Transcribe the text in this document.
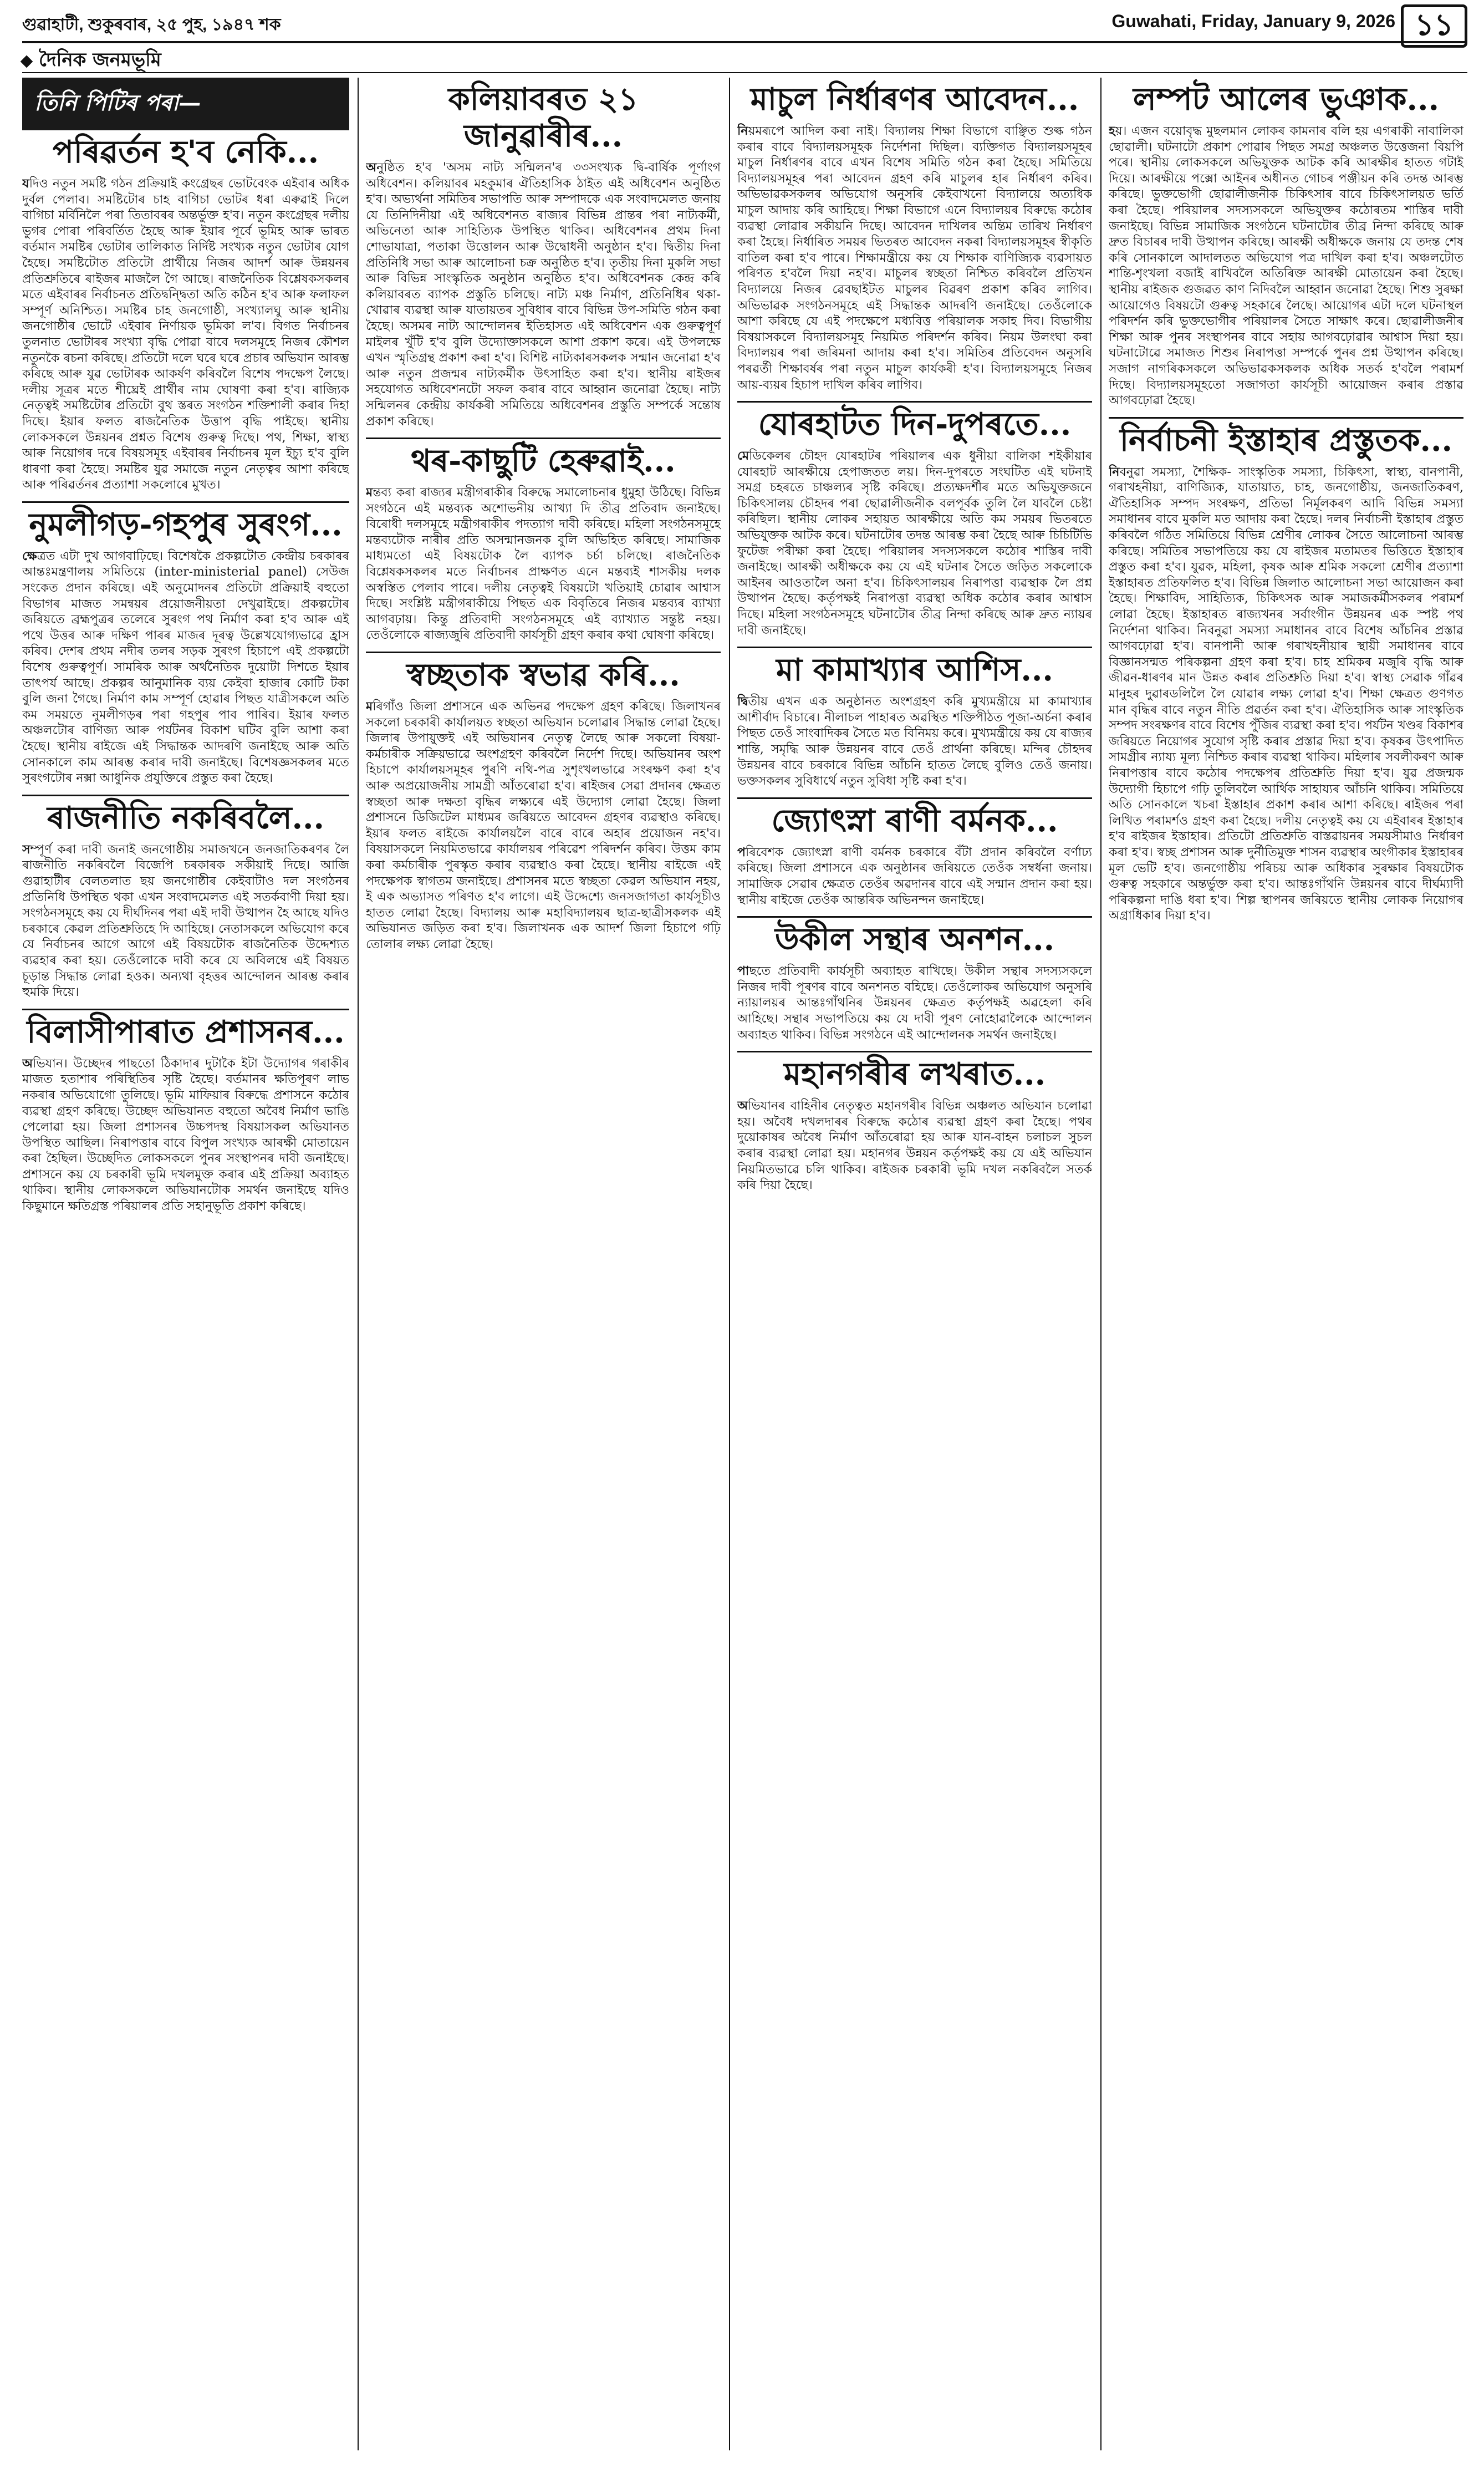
গুৱাহাটী, শুকুৰবাৰ, ২৫ পুহ, ১৯৪৭ শক	Guwahati, Friday, January 9, 2026 ১১
দৈনিক জনমভূমি
তিনি পিটিৰ পৰা—
পৰিৱৰ্তন হ'ব নেকি...

যদিও নতুন সমষ্টি গঠন প্ৰক্ৰিয়াই কংগ্ৰেছৰ ভোটবেংক এইবাৰ অধিক দুৰ্বল পেলাব। সমষ্টিটোৰ চাহ বাগিচা ভোটৰ ধৰা এৰুৱাই দিলে বাগিচা মৰ্বিনিলৈ পৰা তিতাবৰৰ অন্তৰ্ভুক্ত হ'ব। নতুন কংগ্ৰেছৰ দলীয় ভুগৰ পোৰা পৰিবৰ্তিত হৈছে আৰু ইয়াৰ পূৰ্বে ভূমিহ আৰু ভাৰত বৰ্তমান সমষ্টিৰ ভোটাৰ তালিকাত নিৰ্দিষ্ট সংখ্যক নতুন ভোটাৰ যোগ হৈছে। সমষ্টিটোত প্ৰতিটো প্ৰাৰ্থীয়ে নিজৰ আদৰ্শ আৰু উন্নয়নৰ প্ৰতিশ্ৰুতিৰে ৰাইজৰ মাজলৈ গৈ আছে। ৰাজনৈতিক বিশ্লেষকসকলৰ মতে এইবাৰৰ নিৰ্বাচনত প্ৰতিদ্বন্দ্বিতা অতি কঠিন হ'ব আৰু ফলাফল সম্পূৰ্ণ অনিশ্চিত। সমষ্টিৰ চাহ জনগোষ্ঠী, সংখ্যালঘু আৰু স্থানীয় জনগোষ্ঠীৰ ভোটে এইবাৰ নিৰ্ণায়ক ভূমিকা ল'ব। বিগত নিৰ্বাচনৰ তুলনাত ভোটাৰৰ সংখ্যা বৃদ্ধি পোৱা বাবে দলসমূহে নিজৰ কৌশল নতুনকৈ ৰচনা কৰিছে। প্ৰতিটো দলে ঘৰে ঘৰে প্ৰচাৰ অভিযান আৰম্ভ কৰিছে আৰু যুৱ ভোটাৰক আকৰ্ষণ কৰিবলৈ বিশেষ পদক্ষেপ লৈছে। দলীয় সূত্ৰৰ মতে শীঘ্ৰেই প্ৰাৰ্থীৰ নাম ঘোষণা কৰা হ'ব। ৰাজ্যিক নেতৃত্বই সমষ্টিটোৰ প্ৰতিটো বুথ স্তৰত সংগঠন শক্তিশালী কৰাৰ দিহা দিছে। ইয়াৰ ফলত ৰাজনৈতিক উত্তাপ বৃদ্ধি পাইছে। স্থানীয় লোকসকলে উন্নয়নৰ প্ৰশ্নত বিশেষ গুৰুত্ব দিছে। পথ, শিক্ষা, স্বাস্থ্য আৰু নিয়োগৰ দৰে বিষয়সমূহ এইবাৰৰ নিৰ্বাচনৰ মূল ইচ্যু হ'ব বুলি ধাৰণা কৰা হৈছে। সমষ্টিৰ যুৱ সমাজে নতুন নেতৃত্বৰ আশা কৰিছে আৰু পৰিৱৰ্তনৰ প্ৰত্যাশা সকলোৰে মুখত।

নুমলীগড়-গহপুৰ সুৰংগ...

ক্ষেত্ৰত এটা দুখ আগবাঢ়িছে। বিশেষকৈ প্ৰকল্পটোত কেন্দ্ৰীয় চৰকাৰৰ আন্তঃমন্ত্ৰণালয় সমিতিয়ে (inter-ministerial panel) সেউজ সংকেত প্ৰদান কৰিছে। এই অনুমোদনৰ প্ৰতিটো প্ৰক্ৰিয়াই বহুতো বিভাগৰ মাজত সমন্বয়ৰ প্ৰয়োজনীয়তা দেখুৱাইছে। প্ৰকল্পটোৰ জৰিয়তে ব্ৰহ্মপুত্ৰৰ তলেৰে সুৰংগ পথ নিৰ্মাণ কৰা হ'ব আৰু এই পথে উত্তৰ আৰু দক্ষিণ পাৰৰ মাজৰ দূৰত্ব উল্লেখযোগ্যভাৱে হ্ৰাস কৰিব। দেশৰ প্ৰথম নদীৰ তলৰ সড়ক সুৰংগ হিচাপে এই প্ৰকল্পটো বিশেষ গুৰুত্বপূৰ্ণ। সামৰিক আৰু অৰ্থনৈতিক দুয়োটা দিশতে ইয়াৰ তাৎপৰ্য আছে। প্ৰকল্পৰ আনুমানিক ব্যয় কেইবা হাজাৰ কোটি টকা বুলি জনা গৈছে। নিৰ্মাণ কাম সম্পূৰ্ণ হোৱাৰ পিছত যাত্ৰীসকলে অতি কম সময়তে নুমলীগড়ৰ পৰা গহপুৰ পাব পাৰিব। ইয়াৰ ফলত অঞ্চলটোৰ বাণিজ্য আৰু পৰ্যটনৰ বিকাশ ঘটিব বুলি আশা কৰা হৈছে। স্থানীয় ৰাইজে এই সিদ্ধান্তক আদৰণি জনাইছে আৰু অতি সোনকালে কাম আৰম্ভ কৰাৰ দাবী জনাইছে। বিশেষজ্ঞসকলৰ মতে সুৰংগটোৰ নক্সা আধুনিক প্ৰযুক্তিৰে প্ৰস্তুত কৰা হৈছে।

ৰাজনীতি নকৰিবলৈ...

সম্পূৰ্ণ কৰা দাবী জনাই জনগোষ্ঠীয় সমাজখনে জনজাতিকৰণৰ লৈ ৰাজনীতি নকৰিবলৈ বিজেপি চৰকাৰক সকীয়াই দিছে। আজি গুৱাহাটীৰ বেলতলাত ছয় জনগোষ্ঠীৰ কেইবাটাও দল সংগঠনৰ প্ৰতিনিধি উপস্থিত থকা এখন সংবাদমেলত এই সতৰ্কবাণী দিয়া হয়। সংগঠনসমূহে কয় যে দীৰ্ঘদিনৰ পৰা এই দাবী উত্থাপন হৈ আছে যদিও চৰকাৰে কেৱল প্ৰতিশ্ৰুতিহে দি আহিছে। নেতাসকলে অভিযোগ কৰে যে নিৰ্বাচনৰ আগে আগে এই বিষয়টোক ৰাজনৈতিক উদ্দেশ্যত ব্যৱহাৰ কৰা হয়। তেওঁলোকে দাবী কৰে যে অবিলম্বে এই বিষয়ত চূড়ান্ত সিদ্ধান্ত লোৱা হওক। অন্যথা বৃহত্তৰ আন্দোলন আৰম্ভ কৰাৰ হুমকি দিয়ে।

বিলাসীপাৰাত প্ৰশাসনৰ...

অভিযান। উচ্ছেদৰ পাছতো ঠিকাদাৰ দুটাকৈ ইটা উদ্যোগৰ গৰাকীৰ মাজত হতাশাৰ পৰিস্থিতিৰ সৃষ্টি হৈছে। বৰ্তমানৰ ক্ষতিপূৰণ লাভ নকৰাৰ অভিযোগো তুলিছে। ভূমি মাফিয়াৰ বিৰুদ্ধে প্ৰশাসনে কঠোৰ ব্যৱস্থা গ্ৰহণ কৰিছে। উচ্ছেদ অভিযানত বহুতো অবৈধ নিৰ্মাণ ভাঙি পেলোৱা হয়। জিলা প্ৰশাসনৰ উচ্চপদস্থ বিষয়াসকল অভিযানত উপস্থিত আছিল। নিৰাপত্তাৰ বাবে বিপুল সংখ্যক আৰক্ষী মোতায়েন কৰা হৈছিল। উচ্ছেদিত লোকসকলে পুনৰ সংস্থাপনৰ দাবী জনাইছে। প্ৰশাসনে কয় যে চৰকাৰী ভূমি দখলমুক্ত কৰাৰ এই প্ৰক্ৰিয়া অব্যাহত থাকিব। স্থানীয় লোকসকলে অভিযানটোক সমৰ্থন জনাইছে যদিও কিছুমানে ক্ষতিগ্ৰস্ত পৰিয়ালৰ প্ৰতি সহানুভূতি প্ৰকাশ কৰিছে।

কলিয়াবৰত ২১ জানুৱাৰীৰ...

অনুষ্ঠিত হ'ব 'অসম নাট্য সন্মিলন'ৰ ৩৩সংখ্যক দ্বি-বাৰ্ষিক পূৰ্ণাংগ অধিবেশন। কলিয়াবৰ মহকুমাৰ ঐতিহাসিক ঠাইত এই অধিবেশন অনুষ্ঠিত হ'ব। অভ্যৰ্থনা সমিতিৰ সভাপতি আৰু সম্পাদকে এক সংবাদমেলত জনায় যে তিনিদিনীয়া এই অধিবেশনত ৰাজ্যৰ বিভিন্ন প্ৰান্তৰ পৰা নাট্যকৰ্মী, অভিনেতা আৰু সাহিত্যিক উপস্থিত থাকিব। অধিবেশনৰ প্ৰথম দিনা শোভাযাত্ৰা, পতাকা উত্তোলন আৰু উদ্বোধনী অনুষ্ঠান হ'ব। দ্বিতীয় দিনা প্ৰতিনিধি সভা আৰু আলোচনা চক্ৰ অনুষ্ঠিত হ'ব। তৃতীয় দিনা মুকলি সভা আৰু বিভিন্ন সাংস্কৃতিক অনুষ্ঠান অনুষ্ঠিত হ'ব। অধিবেশনক কেন্দ্ৰ কৰি কলিয়াবৰত ব্যাপক প্ৰস্তুতি চলিছে। নাট্য মঞ্চ নিৰ্মাণ, প্ৰতিনিধিৰ থকা-খোৱাৰ ব্যৱস্থা আৰু যাতায়তৰ সুবিধাৰ বাবে বিভিন্ন উপ-সমিতি গঠন কৰা হৈছে। অসমৰ নাট্য আন্দোলনৰ ইতিহাসত এই অধিবেশন এক গুৰুত্বপূৰ্ণ মাইলৰ খুঁটি হ'ব বুলি উদ্যোক্তাসকলে আশা প্ৰকাশ কৰে। এই উপলক্ষে এখন স্মৃতিগ্ৰন্থ প্ৰকাশ কৰা হ'ব। বিশিষ্ট নাট্যকাৰসকলক সন্মান জনোৱা হ'ব আৰু নতুন প্ৰজন্মৰ নাট্যকৰ্মীক উৎসাহিত কৰা হ'ব। স্থানীয় ৰাইজৰ সহযোগত অধিবেশনটো সফল কৰাৰ বাবে আহ্বান জনোৱা হৈছে। নাট্য সন্মিলনৰ কেন্দ্ৰীয় কাৰ্যকৰী সমিতিয়ে অধিবেশনৰ প্ৰস্তুতি সম্পৰ্কে সন্তোষ প্ৰকাশ কৰিছে।

থৰ-কাছুটি হেৰুৱাই...

মন্তব্য কৰা ৰাজ্যৰ মন্ত্ৰীগৰাকীৰ বিৰুদ্ধে সমালোচনাৰ ধুমুহা উঠিছে। বিভিন্ন সংগঠনে এই মন্তব্যক অশোভনীয় আখ্যা দি তীব্ৰ প্ৰতিবাদ জনাইছে। বিৰোধী দলসমূহে মন্ত্ৰীগৰাকীৰ পদত্যাগ দাবী কৰিছে। মহিলা সংগঠনসমূহে মন্তব্যটোক নাৰীৰ প্ৰতি অসন্মানজনক বুলি অভিহিত কৰিছে। সামাজিক মাধ্যমতো এই বিষয়টোক লৈ ব্যাপক চৰ্চা চলিছে। ৰাজনৈতিক বিশ্লেষকসকলৰ মতে নিৰ্বাচনৰ প্ৰাক্ষণত এনে মন্তব্যই শাসকীয় দলক অস্বস্তিত পেলাব পাৰে। দলীয় নেতৃত্বই বিষয়টো খতিয়াই চোৱাৰ আশ্বাস দিছে। সংশ্লিষ্ট মন্ত্ৰীগৰাকীয়ে পিছত এক বিবৃতিৰে নিজৰ মন্তব্যৰ ব্যাখ্যা আগবঢ়ায়। কিন্তু প্ৰতিবাদী সংগঠনসমূহে এই ব্যাখ্যাত সন্তুষ্ট নহয়। তেওঁলোকে ৰাজ্যজুৰি প্ৰতিবাদী কাৰ্যসূচী গ্ৰহণ কৰাৰ কথা ঘোষণা কৰিছে।

স্বচ্ছতাক স্বভাৱ কৰি...

মৰিগাঁও জিলা প্ৰশাসনে এক অভিনৱ পদক্ষেপ গ্ৰহণ কৰিছে। জিলাখনৰ সকলো চৰকাৰী কাৰ্যালয়ত স্বচ্ছতা অভিযান চলোৱাৰ সিদ্ধান্ত লোৱা হৈছে। জিলাৰ উপায়ুক্তই এই অভিযানৰ নেতৃত্ব লৈছে আৰু সকলো বিষয়া-কৰ্মচাৰীক সক্ৰিয়ভাৱে অংশগ্ৰহণ কৰিবলৈ নিৰ্দেশ দিছে। অভিযানৰ অংশ হিচাপে কাৰ্যালয়সমূহৰ পুৰণি নথি-পত্ৰ সুশৃংখলভাৱে সংৰক্ষণ কৰা হ'ব আৰু অপ্ৰয়োজনীয় সামগ্ৰী আঁতৰোৱা হ'ব। ৰাইজৰ সেৱা প্ৰদানৰ ক্ষেত্ৰত স্বচ্ছতা আৰু দক্ষতা বৃদ্ধিৰ লক্ষ্যৰে এই উদ্যোগ লোৱা হৈছে। জিলা প্ৰশাসনে ডিজিটেল মাধ্যমৰ জৰিয়তে আবেদন গ্ৰহণৰ ব্যৱস্থাও কৰিছে। ইয়াৰ ফলত ৰাইজে কাৰ্যালয়লৈ বাৰে বাৰে অহাৰ প্ৰয়োজন নহ'ব। বিষয়াসকলে নিয়মিতভাৱে কাৰ্যালয়ৰ পৰিৱেশ পৰিদৰ্শন কৰিব। উত্তম কাম কৰা কৰ্মচাৰীক পুৰস্কৃত কৰাৰ ব্যৱস্থাও কৰা হৈছে। স্থানীয় ৰাইজে এই পদক্ষেপক স্বাগতম জনাইছে। প্ৰশাসনৰ মতে স্বচ্ছতা কেৱল অভিযান নহয়, ই এক অভ্যাসত পৰিণত হ'ব লাগে। এই উদ্দেশ্যে জনসজাগতা কাৰ্যসূচীও হাতত লোৱা হৈছে। বিদ্যালয় আৰু মহাবিদ্যালয়ৰ ছাত্ৰ-ছাত্ৰীসকলক এই অভিযানত জড়িত কৰা হ'ব। জিলাখনক এক আদৰ্শ জিলা হিচাপে গঢ়ি তোলাৰ লক্ষ্য লোৱা হৈছে।

মাচুল নিৰ্ধাৰণৰ আবেদন...

নিয়মৰূপে আদিল কৰা নাই। বিদ্যালয় শিক্ষা বিভাগে বাঞ্ছিত শুল্ক গঠন কৰাৰ বাবে বিদ্যালয়সমূহক নিৰ্দেশনা দিছিল। ব্যক্তিগত বিদ্যালয়সমূহৰ মাচুল নিৰ্ধাৰণৰ বাবে এখন বিশেষ সমিতি গঠন কৰা হৈছে। সমিতিয়ে বিদ্যালয়সমূহৰ পৰা আবেদন গ্ৰহণ কৰি মাচুলৰ হাৰ নিৰ্ধাৰণ কৰিব। অভিভাৱকসকলৰ অভিযোগ অনুসৰি কেইবাখনো বিদ্যালয়ে অত্যধিক মাচুল আদায় কৰি আহিছে। শিক্ষা বিভাগে এনে বিদ্যালয়ৰ বিৰুদ্ধে কঠোৰ ব্যৱস্থা লোৱাৰ সকীয়নি দিছে। আবেদন দাখিলৰ অন্তিম তাৰিখ নিৰ্ধাৰণ কৰা হৈছে। নিৰ্ধাৰিত সময়ৰ ভিতৰত আবেদন নকৰা বিদ্যালয়সমূহৰ স্বীকৃতি বাতিল কৰা হ'ব পাৰে। শিক্ষামন্ত্ৰীয়ে কয় যে শিক্ষাক বাণিজ্যিক ব্যৱসায়ত পৰিণত হ'বলৈ দিয়া নহ'ব। মাচুলৰ স্বচ্ছতা নিশ্চিত কৰিবলৈ প্ৰতিখন বিদ্যালয়ে নিজৰ ৱেবছাইটত মাচুলৰ বিৱৰণ প্ৰকাশ কৰিব লাগিব। অভিভাৱক সংগঠনসমূহে এই সিদ্ধান্তক আদৰণি জনাইছে। তেওঁলোকে আশা কৰিছে যে এই পদক্ষেপে মধ্যবিত্ত পৰিয়ালক সকাহ দিব। বিভাগীয় বিষয়াসকলে বিদ্যালয়সমূহ নিয়মিত পৰিদৰ্শন কৰিব। নিয়ম উলংঘা কৰা বিদ্যালয়ৰ পৰা জৰিমনা আদায় কৰা হ'ব। সমিতিৰ প্ৰতিবেদন অনুসৰি পৰৱৰ্তী শিক্ষাবৰ্ষৰ পৰা নতুন মাচুল কাৰ্যকৰী হ'ব। বিদ্যালয়সমূহে নিজৰ আয়-ব্যয়ৰ হিচাপ দাখিল কৰিব লাগিব।

যোৰহাটত দিন-দুপৰতে...

মেডিকেলৰ চৌহদ যোৰহাটৰ পৰিয়ালৰ এক ধুনীয়া বালিকা শইকীয়াৰ যোৰহাট আৰক্ষীয়ে হেপাজতত লয়। দিন-দুপৰতে সংঘটিত এই ঘটনাই সমগ্ৰ চহৰতে চাঞ্চল্যৰ সৃষ্টি কৰিছে। প্ৰত্যক্ষদৰ্শীৰ মতে অভিযুক্তজনে চিকিৎসালয় চৌহদৰ পৰা ছোৱালীজনীক বলপূৰ্বক তুলি লৈ যাবলৈ চেষ্টা কৰিছিল। স্থানীয় লোকৰ সহায়ত আৰক্ষীয়ে অতি কম সময়ৰ ভিতৰতে অভিযুক্তক আটক কৰে। ঘটনাটোৰ তদন্ত আৰম্ভ কৰা হৈছে আৰু চিচিটিভি ফুটেজ পৰীক্ষা কৰা হৈছে। পৰিয়ালৰ সদস্যসকলে কঠোৰ শাস্তিৰ দাবী জনাইছে। আৰক্ষী অধীক্ষকে কয় যে এই ঘটনাৰ সৈতে জড়িত সকলোকে আইনৰ আওতালৈ অনা হ'ব। চিকিৎসালয়ৰ নিৰাপত্তা ব্যৱস্থাক লৈ প্ৰশ্ন উত্থাপন হৈছে। কৰ্তৃপক্ষই নিৰাপত্তা ব্যৱস্থা অধিক কঠোৰ কৰাৰ আশ্বাস দিছে। মহিলা সংগঠনসমূহে ঘটনাটোৰ তীব্ৰ নিন্দা কৰিছে আৰু দ্ৰুত ন্যায়ৰ দাবী জনাইছে।

মা কামাখ্যাৰ আশিস...

দ্বিতীয় এখন এক অনুষ্ঠানত অংশগ্ৰহণ কৰি মুখ্যমন্ত্ৰীয়ে মা কামাখ্যাৰ আশীৰ্বাদ বিচাৰে। নীলাচল পাহাৰত অৱস্থিত শক্তিপীঠত পূজা-অৰ্চনা কৰাৰ পিছত তেওঁ সাংবাদিকৰ সৈতে মত বিনিময় কৰে। মুখ্যমন্ত্ৰীয়ে কয় যে ৰাজ্যৰ শান্তি, সমৃদ্ধি আৰু উন্নয়নৰ বাবে তেওঁ প্ৰাৰ্থনা কৰিছে। মন্দিৰ চৌহদৰ উন্নয়নৰ বাবে চৰকাৰে বিভিন্ন আঁচনি হাতত লৈছে বুলিও তেওঁ জনায়। ভক্তসকলৰ সুবিধাৰ্থে নতুন সুবিধা সৃষ্টি কৰা হ'ব।

জ্যোৎস্না ৰাণী বৰ্মনক...

পৰিবেশক জ্যোৎস্না ৰাণী বৰ্মনক চৰকাৰে বঁটা প্ৰদান কৰিবলৈ বৰ্ণাঢ্য কৰিছে। জিলা প্ৰশাসনে এক অনুষ্ঠানৰ জৰিয়তে তেওঁক সম্বৰ্ধনা জনায়। সামাজিক সেৱাৰ ক্ষেত্ৰত তেওঁৰ অৱদানৰ বাবে এই সন্মান প্ৰদান কৰা হয়। স্থানীয় ৰাইজে তেওঁক আন্তৰিক অভিনন্দন জনাইছে।

উকীল সন্থাৰ অনশন...

পাছতে প্ৰতিবাদী কাৰ্যসূচী অব্যাহত ৰাখিছে। উকীল সন্থাৰ সদস্যসকলে নিজৰ দাবী পূৰণৰ বাবে অনশনত বহিছে। তেওঁলোকৰ অভিযোগ অনুসৰি ন্যায়ালয়ৰ আন্তঃগাঁথনিৰ উন্নয়নৰ ক্ষেত্ৰত কৰ্তৃপক্ষই অৱহেলা কৰি আহিছে। সন্থাৰ সভাপতিয়ে কয় যে দাবী পূৰণ নোহোৱালৈকে আন্দোলন অব্যাহত থাকিব। বিভিন্ন সংগঠনে এই আন্দোলনক সমৰ্থন জনাইছে।

মহানগৰীৰ লখৰাত...

অভিযানৰ বাহিনীৰ নেতৃত্বত মহানগৰীৰ বিভিন্ন অঞ্চলত অভিযান চলোৱা হয়। অবৈধ দখলদাৰৰ বিৰুদ্ধে কঠোৰ ব্যৱস্থা গ্ৰহণ কৰা হৈছে। পথৰ দুয়োকাষৰ অবৈধ নিৰ্মাণ আঁতৰোৱা হয় আৰু যান-বাহন চলাচল সুচল কৰাৰ ব্যৱস্থা লোৱা হয়। মহানগৰ উন্নয়ন কৰ্তৃপক্ষই কয় যে এই অভিযান নিয়মিতভাৱে চলি থাকিব। ৰাইজক চৰকাৰী ভূমি দখল নকৰিবলৈ সতৰ্ক কৰি দিয়া হৈছে।

লম্পট আলেৰ ভুঞাক...

হয়। এজন বয়োবৃদ্ধ মুছলমান লোকৰ কামনাৰ বলি হয় এগৰাকী নাবালিকা ছোৱালী। ঘটনাটো প্ৰকাশ পোৱাৰ পিছত সমগ্ৰ অঞ্চলত উত্তেজনা বিয়পি পৰে। স্থানীয় লোকসকলে অভিযুক্তক আটক কৰি আৰক্ষীৰ হাতত গটাই দিয়ে। আৰক্ষীয়ে পক্সো আইনৰ অধীনত গোচৰ পঞ্জীয়ন কৰি তদন্ত আৰম্ভ কৰিছে। ভুক্তভোগী ছোৱালীজনীক চিকিৎসাৰ বাবে চিকিৎসালয়ত ভৰ্তি কৰা হৈছে। পৰিয়ালৰ সদস্যসকলে অভিযুক্তৰ কঠোৰতম শাস্তিৰ দাবী জনাইছে। বিভিন্ন সামাজিক সংগঠনে ঘটনাটোৰ তীব্ৰ নিন্দা কৰিছে আৰু দ্ৰুত বিচাৰৰ দাবী উত্থাপন কৰিছে। আৰক্ষী অধীক্ষকে জনায় যে তদন্ত শেষ কৰি সোনকালে আদালতত অভিযোগ পত্ৰ দাখিল কৰা হ'ব। অঞ্চলটোত শান্তি-শৃংখলা বজাই ৰাখিবলৈ অতিৰিক্ত আৰক্ষী মোতায়েন কৰা হৈছে। স্থানীয় ৰাইজক গুজৱত কাণ নিদিবলৈ আহ্বান জনোৱা হৈছে। শিশু সুৰক্ষা আয়োগেও বিষয়টো গুৰুত্ব সহকাৰে লৈছে। আয়োগৰ এটা দলে ঘটনাস্থল পৰিদৰ্শন কৰি ভুক্তভোগীৰ পৰিয়ালৰ সৈতে সাক্ষাৎ কৰে। ছোৱালীজনীৰ শিক্ষা আৰু পুনৰ সংস্থাপনৰ বাবে সহায় আগবঢ়োৱাৰ আশ্বাস দিয়া হয়। ঘটনাটোৱে সমাজত শিশুৰ নিৰাপত্তা সম্পৰ্কে পুনৰ প্ৰশ্ন উত্থাপন কৰিছে। সজাগ নাগৰিকসকলে অভিভাৱকসকলক অধিক সতৰ্ক হ'বলৈ পৰামৰ্শ দিছে। বিদ্যালয়সমূহতো সজাগতা কাৰ্যসূচী আয়োজন কৰাৰ প্ৰস্তাৱ আগবঢ়োৱা হৈছে।

নিৰ্বাচনী ইস্তাহাৰ প্ৰস্তুতক...

নিবনুৱা সমস্যা, শৈক্ষিক- সাংস্কৃতিক সমস্যা, চিকিৎসা, স্বাস্থ্য, বানপানী, গৰাখহনীয়া, বাণিজ্যিক, যাতায়াত, চাহ, জনগোষ্ঠীয়, জনজাতিকৰণ, ঐতিহাসিক সম্পদ সংৰক্ষণ, প্ৰতিভা নিৰ্মূলকৰণ আদি বিভিন্ন সমস্যা সমাধানৰ বাবে মুকলি মত আদায় কৰা হৈছে। দলৰ নিৰ্বাচনী ইস্তাহাৰ প্ৰস্তুত কৰিবলৈ গঠিত সমিতিয়ে বিভিন্ন শ্ৰেণীৰ লোকৰ সৈতে আলোচনা আৰম্ভ কৰিছে। সমিতিৰ সভাপতিয়ে কয় যে ৰাইজৰ মতামতৰ ভিত্তিতে ইস্তাহাৰ প্ৰস্তুত কৰা হ'ব। যুৱক, মহিলা, কৃষক আৰু শ্ৰমিক সকলো শ্ৰেণীৰ প্ৰত্যাশা ইস্তাহাৰত প্ৰতিফলিত হ'ব। বিভিন্ন জিলাত আলোচনা সভা আয়োজন কৰা হৈছে। শিক্ষাবিদ, সাহিত্যিক, চিকিৎসক আৰু সমাজকৰ্মীসকলৰ পৰামৰ্শ লোৱা হৈছে। ইস্তাহাৰত ৰাজ্যখনৰ সৰ্বাংগীন উন্নয়নৰ এক স্পষ্ট পথ নিৰ্দেশনা থাকিব। নিবনুৱা সমস্যা সমাধানৰ বাবে বিশেষ আঁচনিৰ প্ৰস্তাৱ আগবঢ়োৱা হ'ব। বানপানী আৰু গৰাখহনীয়াৰ স্থায়ী সমাধানৰ বাবে বিজ্ঞানসন্মত পৰিকল্পনা গ্ৰহণ কৰা হ'ব। চাহ শ্ৰমিকৰ মজুৰি বৃদ্ধি আৰু জীৱন-ধাৰণৰ মান উন্নত কৰাৰ প্ৰতিশ্ৰুতি দিয়া হ'ব। স্বাস্থ্য সেৱাক গাঁৱৰ মানুহৰ দুৱাৰডলিলৈ লৈ যোৱাৰ লক্ষ্য লোৱা হ'ব। শিক্ষা ক্ষেত্ৰত গুণগত মান বৃদ্ধিৰ বাবে নতুন নীতি প্ৰৱৰ্তন কৰা হ'ব। ঐতিহাসিক আৰু সাংস্কৃতিক সম্পদ সংৰক্ষণৰ বাবে বিশেষ পুঁজিৰ ব্যৱস্থা কৰা হ'ব। পৰ্যটন খণ্ডৰ বিকাশৰ জৰিয়তে নিয়োগৰ সুযোগ সৃষ্টি কৰাৰ প্ৰস্তাৱ দিয়া হ'ব। কৃষকৰ উৎপাদিত সামগ্ৰীৰ ন্যায্য মূল্য নিশ্চিত কৰাৰ ব্যৱস্থা থাকিব। মহিলাৰ সবলীকৰণ আৰু নিৰাপত্তাৰ বাবে কঠোৰ পদক্ষেপৰ প্ৰতিশ্ৰুতি দিয়া হ'ব। যুৱ প্ৰজন্মক উদ্যোগী হিচাপে গঢ়ি তুলিবলৈ আৰ্থিক সাহায্যৰ আঁচনি থাকিব। সমিতিয়ে অতি সোনকালে খচৰা ইস্তাহাৰ প্ৰকাশ কৰাৰ আশা কৰিছে। ৰাইজৰ পৰা লিখিত পৰামৰ্শও গ্ৰহণ কৰা হৈছে। দলীয় নেতৃত্বই কয় যে এইবাৰৰ ইস্তাহাৰ হ'ব ৰাইজৰ ইস্তাহাৰ। প্ৰতিটো প্ৰতিশ্ৰুতি বাস্তৱায়নৰ সময়সীমাও নিৰ্ধাৰণ কৰা হ'ব। স্বচ্ছ প্ৰশাসন আৰু দুৰ্নীতিমুক্ত শাসন ব্যৱস্থাৰ অংগীকাৰ ইস্তাহাৰৰ মূল ভেটি হ'ব। জনগোষ্ঠীয় পৰিচয় আৰু অধিকাৰ সুৰক্ষাৰ বিষয়টোক গুৰুত্ব সহকাৰে অন্তৰ্ভুক্ত কৰা হ'ব। আন্তঃগাঁথনি উন্নয়নৰ বাবে দীৰ্ঘম্যাদী পৰিকল্পনা দাঙি ধৰা হ'ব। শিল্প স্থাপনৰ জৰিয়তে স্থানীয় লোকক নিয়োগৰ অগ্ৰাধিকাৰ দিয়া হ'ব।
